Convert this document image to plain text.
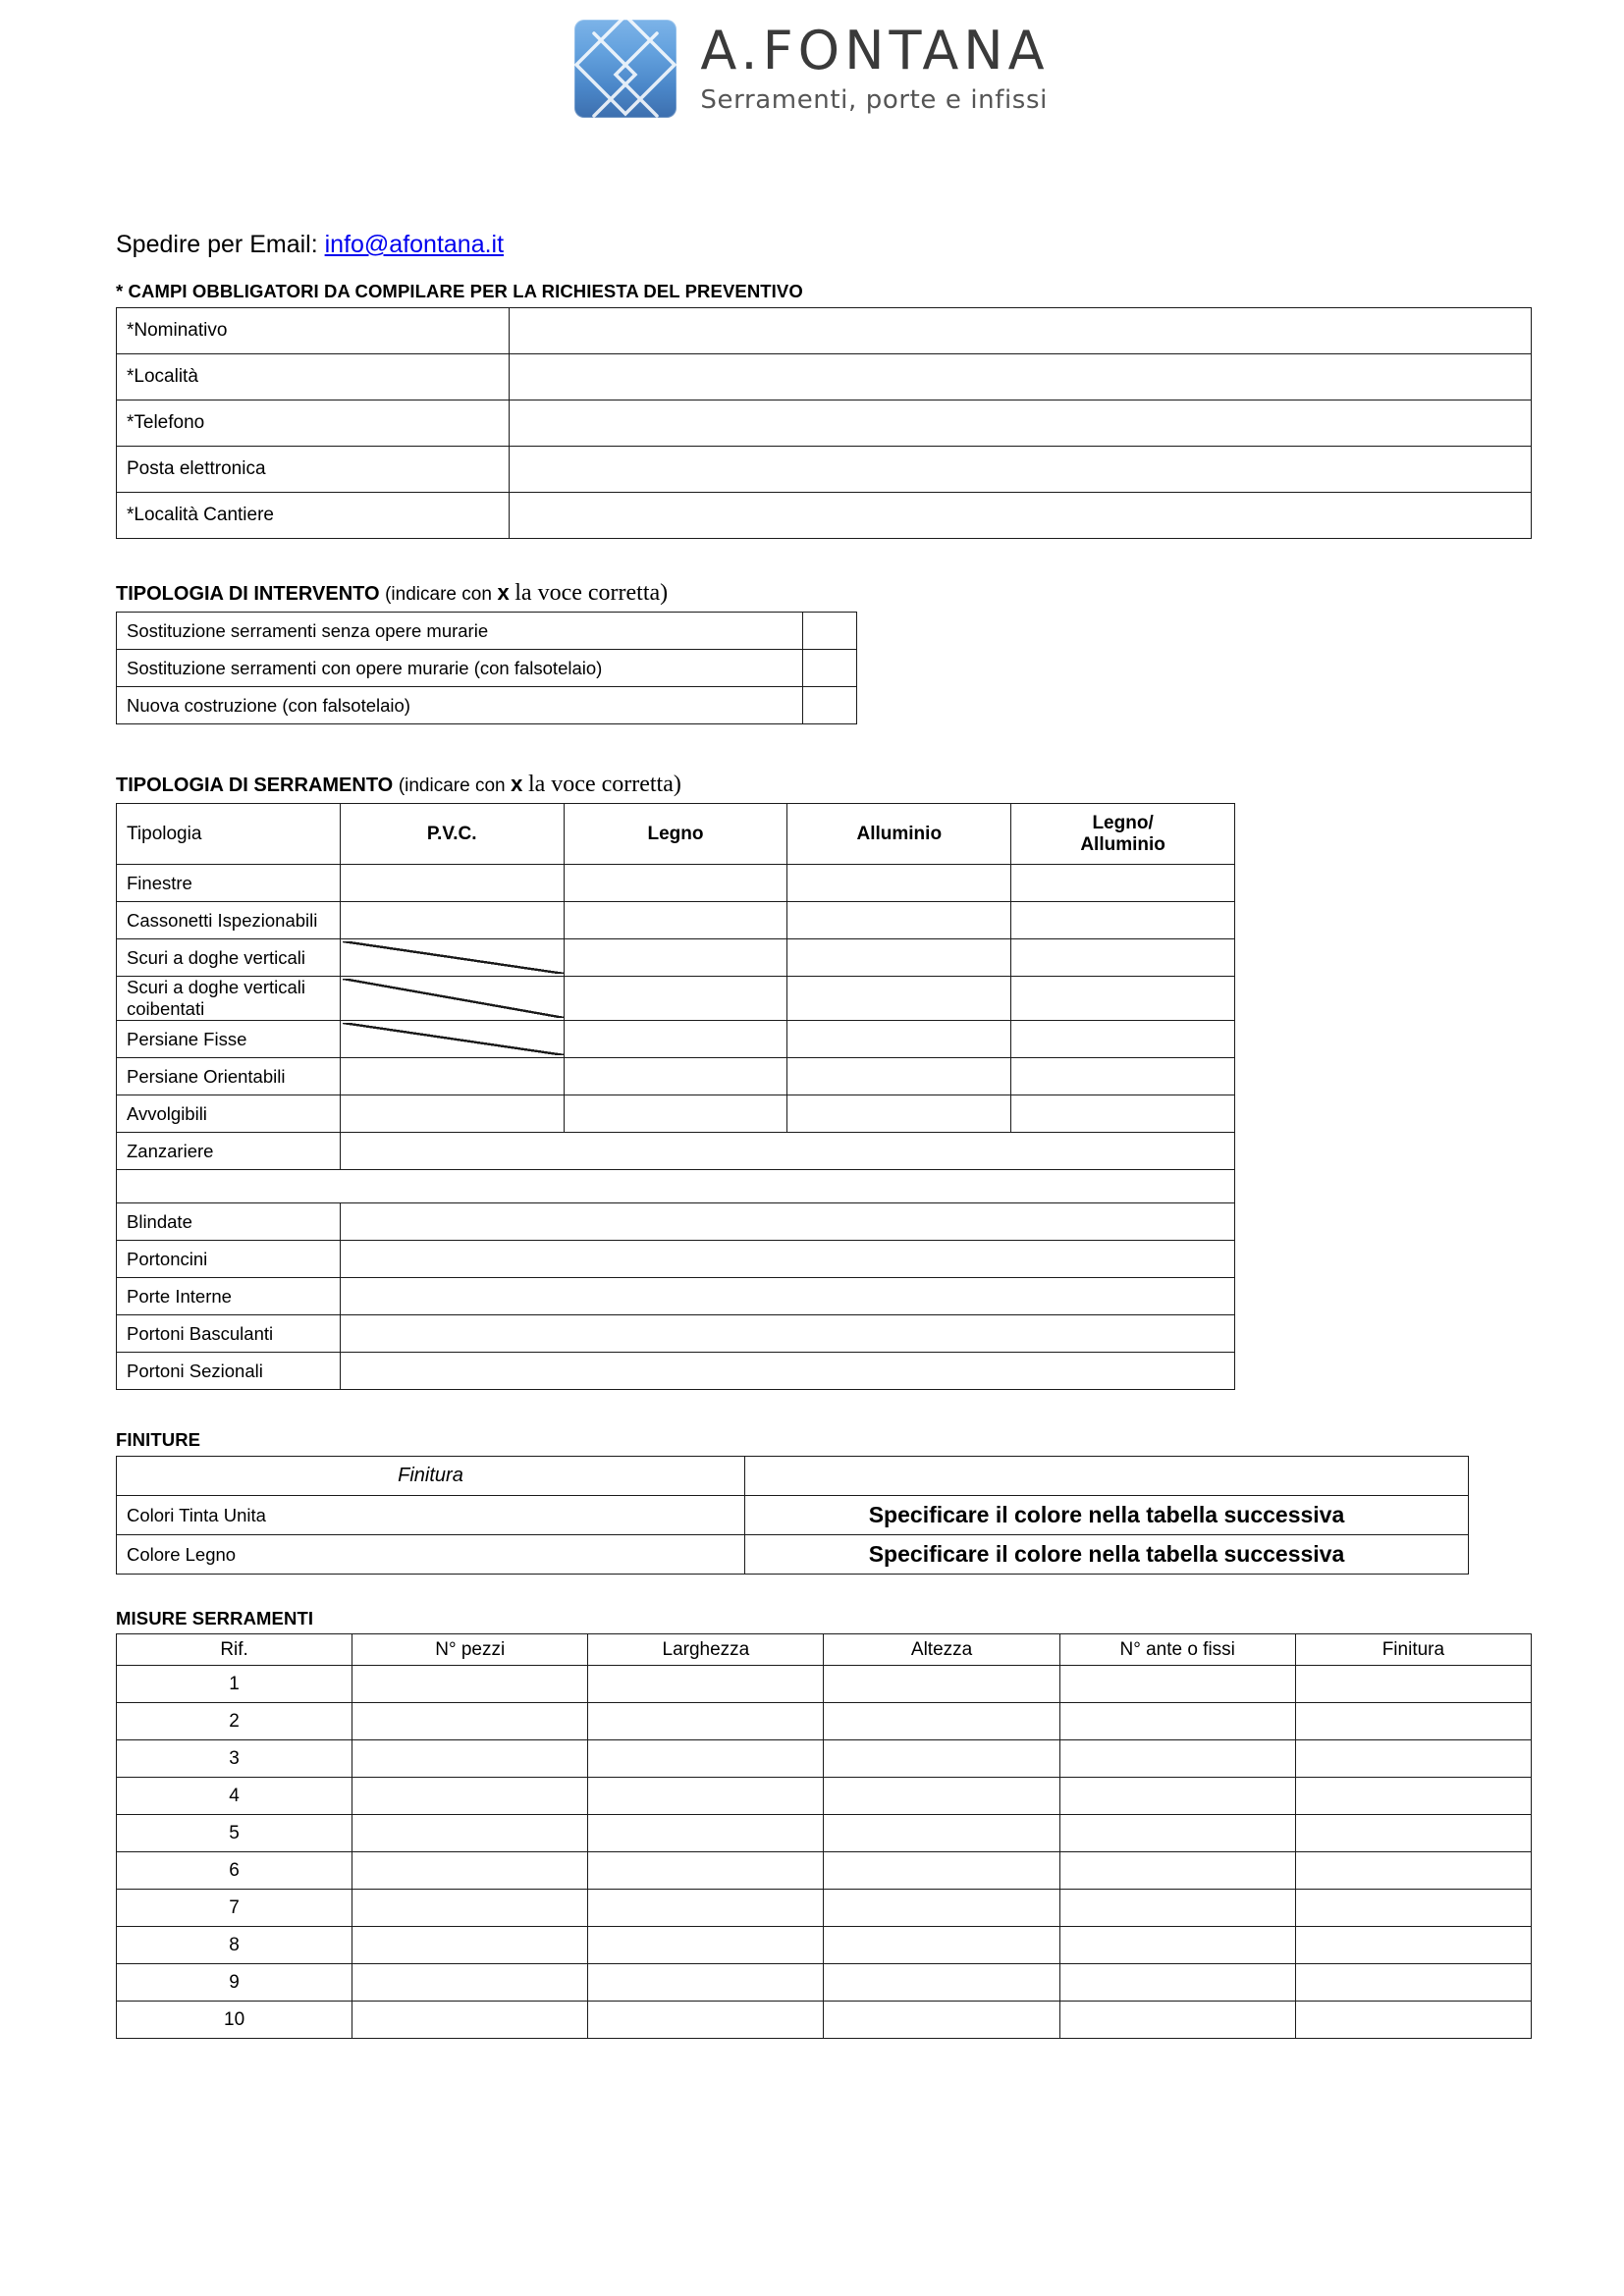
A.FONTANA
Serramenti, porte e infissi
Spedire per Email: info@afontana.it
* CAMPI OBBLIGATORI DA COMPILARE PER LA RICHIESTA DEL PREVENTIVO
*Nominativo	
*Località	
*Telefono	
Posta elettronica	
*Località Cantiere	
TIPOLOGIA DI INTERVENTO (indicare con x la voce corretta)
Sostituzione serramenti senza opere murarie	
Sostituzione serramenti con opere murarie (con falsotelaio)	
Nuova costruzione (con falsotelaio)	
TIPOLOGIA DI SERRAMENTO (indicare con x la voce corretta)
Tipologia	P.V.C.	Legno	Alluminio	Legno/
Alluminio
Finestre				
Cassonetti Ispezionabili				
Scuri a doghe verticali				
Scuri a doghe verticali coibentati				
Persiane Fisse				
Persiane Orientabili				
Avvolgibili				
Zanzariere				

Blindate				
Portoncini				
Porte Interne				
Portoni Basculanti				
Portoni Sezionali				
FINITURE
Finitura	
Colori Tinta Unita	Specificare il colore nella tabella successiva
Colore Legno	Specificare il colore nella tabella successiva
MISURE SERRAMENTI
Rif.	N° pezzi	Larghezza	Altezza	N° ante o fissi	Finitura
1					
2					
3					
4					
5					
6					
7					
8					
9					
10					
